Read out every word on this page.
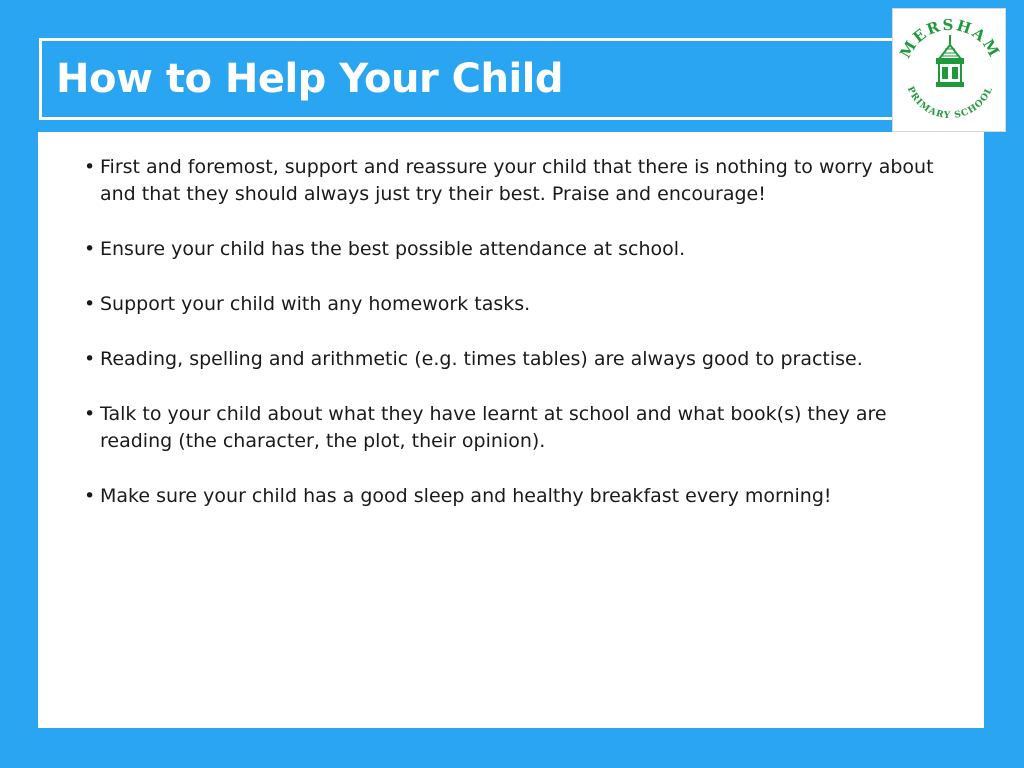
How to Help Your Child
• First and foremost, support and reassure your child that there is nothing to worry about and that they should always just try their best. Praise and encourage!
• Ensure your child has the best possible attendance at school.
• Support your child with any homework tasks.
• Reading, spelling and arithmetic (e.g. times tables) are always good to practise.
• Talk to your child about what they have learnt at school and what book(s) they are reading (the character, the plot, their opinion).
• Make sure your child has a good sleep and healthy breakfast every morning!
MERSHAM
PRIMARY SCHOOL
